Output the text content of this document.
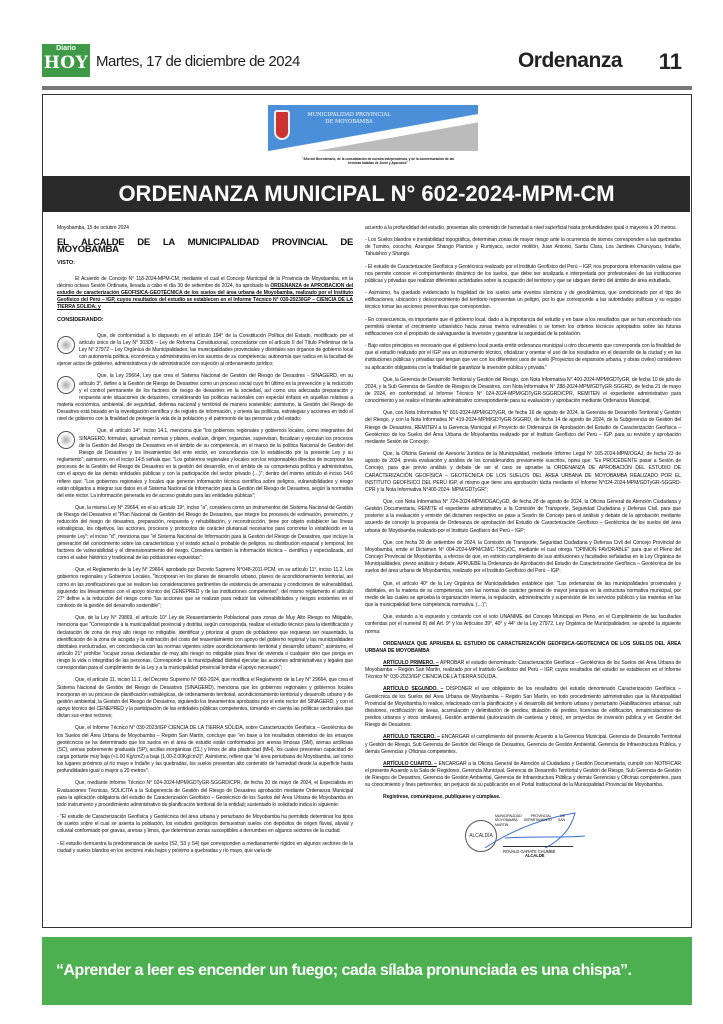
Diario
HOY Martes, 17 de diciembre de 2024	Ordenanza 11
MUNICIPALIDAD PROVINCIAL
DE MOYOBAMBA
"Año del Bicentenario, de la consolidación de nuestra Independencia, y de la conmemoración de las heroicas batallas de Junín y Ayacucho"
ORDENANZA MUNICIPAL N° 602-2024-MPM-CM

Moyobamba, 15 de octubre 2024

EL ALCALDE DE LA MUNICIPALIDAD PROVINCIAL DE MOYOBAMBA
VISTO:

El Acuerdo de Concejo N° 118-2024-MPM-CM, mediante el cual el Concejo Municipal de la Provincia de Moyobamba, en la décimo octava Sesión Ordinaria, llevada a cabo el día 30 de setiembre de 2024, ha aprobado la ORDENANZA de APROBACION del estudio de caracterización GEOFISICA-GEOTECNICA de los suelos del área urbana de Moyobamba, realizado por el Instituto Geofísico del Perú – IGP, cuyos resultados del estudio se establecen en el Informe Técnico N° 030-2023/IGP – CIENCIA DE LA TIERRA SOLIDA; y

CONSIDERANDO:

Que, de conformidad a lo dispuesto en el artículo 194° de la Constitución Política del Estado, modificado por el artículo único de la Ley N° 30305 – Ley de Reforma Constitucional, concordante con el artículo II del Título Preliminar de la Ley N° 27972 – Ley Orgánica de Municipalidades; las municipalidades provinciales y distritales son órganos de gobierno local con autonomía política, económica y administrativa en los asuntos de su competencia; autonomía que radica en la facultad de ejercer actos de gobierno, administrativos y de administración con sujeción al ordenamiento jurídico;

Que, la Ley 29664, Ley que crea el Sistema Nacional de Gestión del Riesgo de Desastres - SINAGERD, en su artículo 3°, define a la Gestión de Riesgo de Desastres como un proceso social cuyo fin último es la prevención y la reducción y el control permanente de los factores de riesgo de desastres en la sociedad, así como una adecuada preparación y respuesta ante situaciones de desastres, considerando las políticas nacionales con especial énfasis en aquellas relativas a materia económica, ambiental, de seguridad, defensa nacional y territorial de manera sostenible; asimismo, la Gestión del Riesgo de Desastres está basado en la investigación científica y de registro de información, y orienta las políticas, estrategias y acciones en todo el nivel de gobierno con la finalidad de proteger la vida de la población y el patrimonio de las personas y del estado;

Que, el artículo 14°, inciso 14.1, menciona que "los gobiernos regionales y gobiernos locales, como integrantes del SINAGERD, formulan, aprueban normas y planes, evalúan, dirigen, organizan, supervisan, fiscalizan y ejecutan los procesos de la Gestión del Riesgo de Desastres en el ámbito de su competencia, en el marco de la política Nacional de Gestión del Riesgo de Desastres y los lineamientos del ente rector, en concordancia con lo establecido por la presente Ley y su reglamento"; asimismo, en el inciso 14.5 señala que: "Los gobiernos regionales y locales son los responsables directos de incorporar los procesos de la Gestión del Riesgo de Desastres en la gestión del desarrollo, en el ámbito de su competencia política y administrativa, con el apoyo de las demás entidades públicas y con la participación del sector privado (…)"; dentro del mismo artículo el inciso 14.6 refiere que: "Los gobiernos regionales y locales que generan información técnica científica sobre peligros, vulnerabilidades y riesgo están obligados a integrar sus datos en el Sistema Nacional de Información para la Gestión del Riesgo de Desastres, según la normativa del ente rector. La información generada es de acceso gratuito para las entidades públicas";

Que, la misma Ley N° 29664, en el su artículo 19°, inciso "a", considera como un instrumentos del Sistema Nacional de Gestión de Riesgo del Desastres el "Plan Nacional de Gestión del Riesgo de Desastres, que integre los procesos de estimación, prevención, y reducción del riesgo de desastres, preparación, respuesta y rehabilitación, y reconstrucción, tiene por objeto establecer las líneas estratégicas, los objetivos, las acciones, procesos y protocolos de carácter plurianual necesarios para concretar lo establecido en la presente Ley"; el inciso "d", menciona que "el Sistema Nacional de Información para la Gestión del Riesgo de Desastres, que incluye la generación del conocimiento sobre las características y el estado actual o probable de peligros, su distribución espacial y temporal, los factores de vulnerabilidad y el dimensionamiento del riesgo. Considera también la información técnica – científica y especializada, así como el saber histórico y tradicional de las poblaciones expuestas";

Que, el Reglamento de la Ley N° 29664, aprobado por Decreto Supremo N°048-2011-PCM, en su artículo 11°, inciso 11.2, Los gobiernos regionales y Gobiernos Locales, "Incorporan en los planes de desarrollo urbano, planes de acondicionamiento territorial, así como en las zonificaciones que se realicen las consideraciones pertinentes de existencia de amenazas y condiciones de vulnerabilidad, siguiendo los lineamientos con el apoyo técnico del CENEPRED y de las instituciones competentes"; del mismo reglamento el artículo 27° define a la reducción del riesgo como "las acciones que se realizan para reducir las vulnerabilidades y riesgos existentes en el contexto de la gestión del desarrollo sostenible";

Que, de la Ley N° 29869, el artículo 10° Ley de Reasentamiento Poblacional para zonas de Muy Alto Riesgo no Mitigable, menciona que "Corresponde a la municipalidad provincial y distrital, según corresponda, realizar el estudio técnico para la identificación y declaración de zona de muy alto riesgo no mitigable, identificar y priorizar al grupo de pobladores que requieran ser reasentado, la identificación de la zona de acogida y la estimación del costo del reasentamiento con apoyo del gobierno regional y las municipalidades distritales involucradas, en concordancia con las normas vigentes sobre acondicionamiento territorial y desarrollo urbano"; asimismo, el artículo 21° prohíbe "ocupar zonas declaradas de muy alto riesgo no mitigable para fines de vivienda o cualquier otro que ponga en riesgo la vida o integridad de las personas. Corresponde a la municipalidad distrital ejecutar las acciones administrativas y legales que correspondan para el cumplimiento de la Ley y a la municipalidad provincial brindar el apoyo necesario";

Que, el artículo 11, inciso 11.1, del Decreto Supremo N° 060-2024, que modifica el Reglamento de la Ley N° 29664, que crea el Sistema Nacional de Gestión del Riesgo de Desastres (SINAGERD), menciona que los gobiernos regionales y gobiernos locales incorporan en su proceso de planificación estratégicas, de ordenamiento territorial, acondicionamiento territorial y desarrollo urbano y de gestión ambiental, la Gestión del Riesgo de Desastres, siguiendo los lineamientos aprobados por el ente rector del SINAGERD, y con el apoyo técnico del CENEPRED y la participación de las entidades públicas competentes, tomando en cuenta las políticas sectoriales que dictan sus entes rectores;

Que, el Informe Técnico N° 030-2023/IGP CIENCIA DE LA TIERRA SÓLIDA, sobre Caracterización Geofísica – Geotécnica de los Suelos del Área Urbana de Moyobamba – Región San Martín, concluye que "en base a los resultados obtenidos de los ensayos geotécnicos se ha determinado que los suelos en el área de estudio están conformados por arenas limosas (SM), arenas arcillosas (SC), arenas pobremente graduada (SP), arcillas inorgánicas (CL) y limos de alta plasticidad (MH), los cuales presentan capacidad de carga portante muy baja (<1.00 Kg/cm2) a baja (1.00-2.00Kg/cm2)". Asimismo, refiere que "el área periurbana de Moyobamba, así como los lugares próximos al río mayo e Indañe y las quebradas, los suelos presentan alto contenido de humedad desde la superficie hasta profundidades igual o mayor a 20 metros";

Que, mediante Informe Técnico N° 024-2024-MPM/GDTyGR-SGGRD/CPR, de fecha 20 de mayo de 2024, el Especialista en Evaluaciones Técnicas, SOLICITA a la Subgerencia de Gestión del Riesgo de Desastres aprobación mediante Ordenanza Municipal para la aplicación obligatoria del estudio de Caracterización Geofísico – Geotécnico de los Suelos del Área Urbana de Moyobamba en todo instrumento y procedimiento administrativo de planificación territorial de la entidad; sustentado lo solicitado indica lo siguiente:

- "El estudio de Caracterización Geofísica y Geotécnica del área urbana y periurbano de Moyobamba ha permitido determinar los tipos de suelos sobre el cual se asienta la población, los estudios geológicos demuestran suelos con depósitos de origen fluvial, aluvial y coluvial conformado por gravas, arenas y limos, que determinan zonas susceptibles a derrumbes en algunos sectores de la ciudad.

- El estudio demuestra la predominancia de suelos (S2, S3 y S4) que corresponden a medianamente rígidos en algunos sectores de la ciudad y suelos blandos en los sectores más bajos y próximo a quebradas y río mayo, que varía de

acuerdo a la profundidad del estudio, presentan alto contenido de humedad a nivel superficial hasta profundidades igual o mayores a 20 metros.

- Los Suelos blandos e inestabilidad topográfica, determinan zonas de mayor riesgo ante la ocurrencia de sismos corresponden a las quebradas de Tumino, cococho, Azungue Shango Planicie y Rumiyacu, sector motilón, Juan Antonio, Santa Clara, Los Jardines Churuyacu, Indañe, Tahuishco y Shango.

- El estudio de Caracterización Geofísica y Geotécnica realizado por el Instituto Geofísico del Perú – IGP, nos proporciona información valiosa que nos permite conocer el comportamiento dinámico de los suelos, que debe ser analizada e interpretada por profesionales de las instituciones públicas y privadas que realizan diferentes actividades sobre la ocupación del territorio y que se ubiquen dentro del ámbito de área estudiada.

- Asimismo, ha quedado evidenciado la fragilidad de los suelos ante eventos sísmicos y de geodinámica, que condicionado por el tipo de edificaciones, ubicación y desconocimiento del territorio representan un peligro, por lo que corresponde a las autoridades políticas y su equipo técnico tomar las acciones preventivas que correspondan.

- En consecuencia, es importante que el gobierno local, dado a la importancia del estudio y en base a los resultados que se han encontrado nos permitirá orientar el crecimiento urbanístico hacia zonas menos vulnerables o se tomen los criterios técnicos apropiados sobre las futuras edificaciones con el propósito de salvaguardar la inversión y garantizar la seguridad de la población.

- Bajo estos principios es necesario que el gobierno local pueda emitir ordenanza municipal u otro documento que corresponda con la finalidad de que el estudio realizado por el IGP sea un instrumento técnico, oficializar y orientar el uso de los resultados en el desarrollo de la ciudad y en las instituciones públicas y privadas que tengan que ver con los diferentes usos de suelo (Proyectos de expansión urbana, y obras civiles) consideren su aplicación obligatoria con la finalidad de garantizar la inversión pública y privada."

Que, la Gerencia de Desarrollo Territorial y Gestión del Riesgo, con Nota Informativa N° 400-2024-MPM/GDTyGR, de fecha 10 de julio de 2024, y la Sub Gerencia de Gestión de Riesgos de Desastres, con Nota Informativa N° 288-2024-MPM/GDTyGR-SGGRD, de fecha 21 de mayo de 2024, en conformidad al Informe Técnico N° 024-2024-MPM/GDTyGR-SGGRD/CPR, REMITEN el expediente administrativo para conocimiento y se realice el trámite administrativo correspondiente para su evaluación y aprobación mediante Ordenanza Municipal;

Que, con Nota Informativa N° 601-2024-MPM/GDTyGR, de fecha 16 de agosto de 2024, la Gerencia de Desarrollo Territorial y Gestión del Riesgo, y con la Nota Informativa N° 419-2024-MPM/GDTyGR-SGGRD, de fecha 14 de agosto de 2024, de la Subgerencia de Gestión del Riesgo de Desastres, REMITEN a la Gerencia Municipal el Proyecto de Ordenanza de Aprobación del Estudio de Caracterización Geofísica – Geotécnico de los Suelos del Área Urbana de Moyobamba realizado por el Instituto Geofísico del Perú – IGP, para su revisión y aprobación mediante Sesión de Concejo;

Que, la Oficina General de Asesoría Jurídica de la Municipalidad, mediante Informe Legal N° 165-2024-MPM/OGAJ, de fecha 23 de agosto de 2024, previa evaluación y análisis de los considerandos previamente suscritos, opina que: "Es PROCEDENTE pasar a Sesión de Concejo, para que previo análisis y debate de ser el caso se apruebe la ORDENANZA DE APROBACIÓN DEL ESTUDIO DE CARACTERIZACIÓN GEOFÍSICA – GEOTÉCNICA DE LOS SUELOS DEL ÁREA URBANA DE MOYOBAMBA REALIZADO POR EL INSTITUTO GEOFÍSICO DEL PERÚ IGP, el mismo que tiene una aprobación tácita mediante el Informe N°024-2024-MPM/GDTyGR-SGGRD-CPR y la Nota Informativa N°400-2024- MPM/GDTyGR";

Que, con Nota Informativa N° 724-2024-MPM/OGACyGD, de fecha 28 de agosto de 2024, la Oficina General de Atención Ciudadana y Gestión Documentaria, REMITE el expediente administrativo a la Comisión de Transporte, Seguridad Ciudadana y Defensa Civil, para que posterior a la evaluación y emisión del dictamen respectivo se pase a Sesión de Concejo para el análisis y debate de la aprobación mediante acuerdo de concejo la propuesta de Ordenanza de aprobación del Estudio de Caracterización Geofísico – Geotécnica de los suelos del área urbana de Moyobamba realizado por el Instituto Geofísico del Perú – IGP;

Que, con fecha 30 de setiembre de 2024, la Comisión de Transporte, Seguridad Ciudadana y Defensa Civil del Concejo Provincial de Moyobamba, emite el Dictamen N° 004-2024-MPM/CM/C-TSCyDC, mediante el cual otorga "OPINION FAVORABLE" para que el Pleno del Concejo Provincial de Moyobamba, a efectos de que, en estricto cumplimiento de sus atribuciones y facultades señaladas en la Ley Orgánica de Municipalidades, previo análisis y debate, APRUEBE la Ordenanza de Aprobación del Estudio de Caracterización Geofísica – Geotécnica de los suelos del área urbana de Moyobamba, realizado por el Instituto Geofísico del Perú – IGP;

Que, el artículo 40° de la Ley Orgánica de Municipalidades establece que: "Las ordenanzas de las municipalidades provinciales y distritales, en la materia de su competencia, son las normas de carácter general de mayor jerarquía en la estructura normativa municipal, por medio de las cuales se aprueba la organización interna, la regulación, administración y supervisión de los servicios públicos y las materias en las que la municipalidad tiene competencia normativa. (…)";

Que, estando a lo expuesto y contando con el voto UNANIME del Concejo Municipal en Pleno, en el Cumplimiento de las facultades conferidas por el numeral 8) del Art. 9° y los Artículos 39°, 40° y 44° de la Ley 27972, Ley Orgánica de Municipalidades; se aprobó la siguiente norma:

ORDENANZA QUE APRUEBA EL ESTUDIO DE CARACTERIZACIÓN GEOFISICA-GEOTECNICA DE LOS SUELOS DEL ÁREA URBANA DE MOYOBAMBA

ARTÍCULO PRIMERO. – APROBAR el estudio denominado: Caracterización Geofísica – Geotécnica de los Suelos del Área Urbana de Moyobamba – Región San Martín, realizado por el Instituto Geofísico del Perú – IGP, cuyos resultados del estudio se establecen en el Informe Técnico N° 030-2023/IGP CIENCIA DE LA TIERRA SOLIDA.

ARTÍCULO SEGUNDO. – DISPONER el uso obligatorio de los resultados del estudio denominado Caracterización Geofísica – Geotécnica de los Suelos del Área Urbana de Moyobamba – Región San Martín, en todo procedimiento administrativo que la Municipalidad Provincial de Moyobamba lo realice, relacionado con la planificación y el desarrollo del territorio urbano y periurbano (Habilitaciones urbanas, sub divisiones, rectificación de áreas, acumulación y delimitación de predios, titulación de predios, licencias de edificación, inmatriculaciones de predios urbanos y otros similares), Gestión ambiental (autorización de canteras y otros), en proyectos de inversión pública y en Gestión del Riesgo de Desastres.

ARTÍCULO TERCERO. – ENCARGAR el cumplimiento del presente Acuerdo a la Gerencia Municipal, Gerencia de Desarrollo Territorial y Gestión de Riesgo, Sub Gerencia de Gestión del Riesgo de Desastres, Gerencia de Gestión Ambiental, Gerencia de Infraestructura Pública, y demás Gerencias y Oficinas competentes.

ARTÍCULO CUARTO. – ENCARGAR a la Oficina General de Atención al Ciudadano y Gestión Documentaria, cumplir con NOTIFICAR el presente Acuerdo a la Sala de Regidores, Gerencia Municipal, Gerencia de Desarrollo Territorial y Gestión de Riesgo, Sub Gerencia de Gestión de Riesgos de Desastres, Gerencia de Gestión Ambiental, Gerencia de Infraestructura Pública y demás Gerencias y Oficinas competentes, para su conocimiento y fines pertinentes; sin perjuicio de su publicación en el Portal Institucional de la Municipalidad Provincial de Moyobamba.

Regístrese, comuníquese, publíquese y cúmplase.

ALCALDÍA
MUNICIPALIDAD PROVINCIAL DE MOYOBAMBA DEPARTAMENTO SAN MARTÍN
ROVALD GARATE CHUMBE
ALCALDE
“Aprender a leer es encender un fuego; cada sílaba pronunciada es una chispa”.
